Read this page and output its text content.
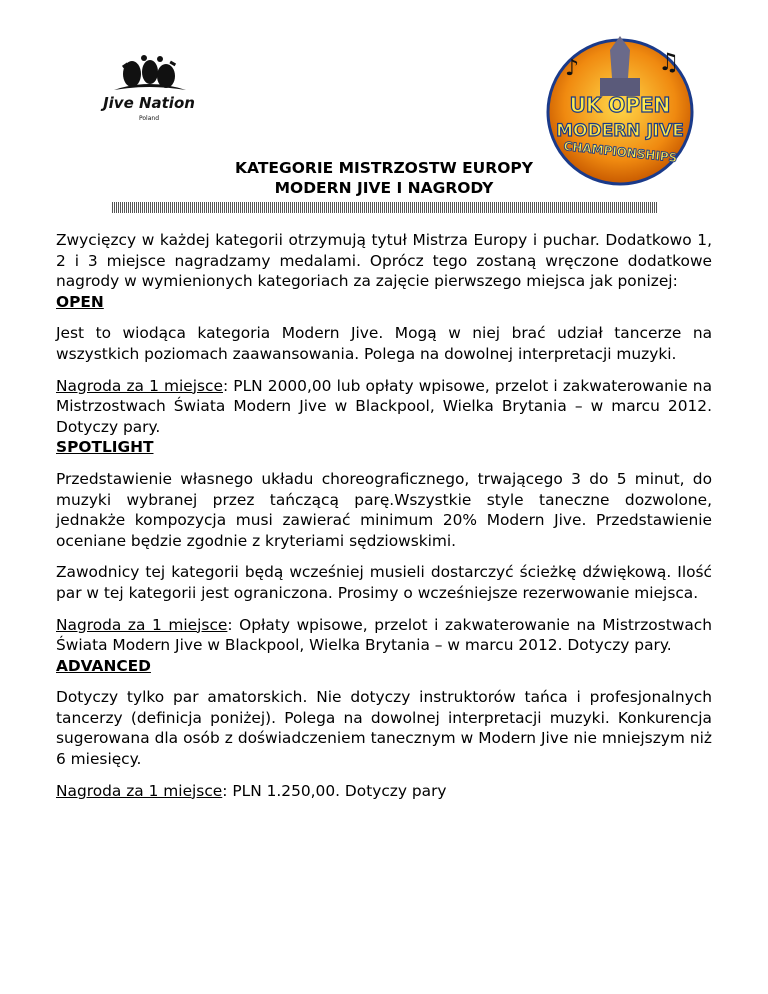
Jive Nation
Poland
♪	♫
UK OPEN
MODERN JIVE
CHAMPIONSHIPS
KATEGORIE MISTRZOSTW EUROPY
MODERN JIVE I NAGRODY

Zwycięzcy w każdej kategorii otrzymują tytuł Mistrza Europy i puchar. Dodatkowo 1, 2 i 3 miejsce nagradzamy medalami. Oprócz tego zostaną wręczone dodatkowe nagrody w wymienionych kategoriach za zajęcie pierwszego miejsca jak ponizej:

OPEN

Jest to wiodąca kategoria Modern Jive. Mogą w niej brać udział tancerze na wszystkich poziomach zaawansowania. Polega na dowolnej interpretacji muzyki.

Nagroda za 1 miejsce: PLN 2000,00 lub opłaty wpisowe, przelot i zakwaterowanie na Mistrzostwach Świata Modern Jive w Blackpool, Wielka Brytania – w marcu 2012. Dotyczy pary.

SPOTLIGHT

Przedstawienie własnego układu choreograficznego, trwającego 3 do 5 minut, do muzyki wybranej przez tańczącą parę.Wszystkie style taneczne dozwolone, jednakże kompozycja musi zawierać minimum 20% Modern Jive. Przedstawienie oceniane będzie zgodnie z kryteriami sędziowskimi.

Zawodnicy tej kategorii będą wcześniej musieli dostarczyć ścieżkę dźwiękową. Ilość par w tej kategorii jest ograniczona. Prosimy o wcześniejsze rezerwowanie miejsca.

Nagroda za 1 miejsce: Opłaty wpisowe, przelot i zakwaterowanie na Mistrzostwach Świata Modern Jive w Blackpool, Wielka Brytania – w marcu 2012. Dotyczy pary.

ADVANCED

Dotyczy tylko par amatorskich. Nie dotyczy instruktorów tańca i profesjonalnych tancerzy (definicja poniżej). Polega na dowolnej interpretacji muzyki. Konkurencja sugerowana dla osób z doświadczeniem tanecznym w Modern Jive nie mniejszym niż 6 miesięcy.

Nagroda za 1 miejsce: PLN 1.250,00. Dotyczy pary
